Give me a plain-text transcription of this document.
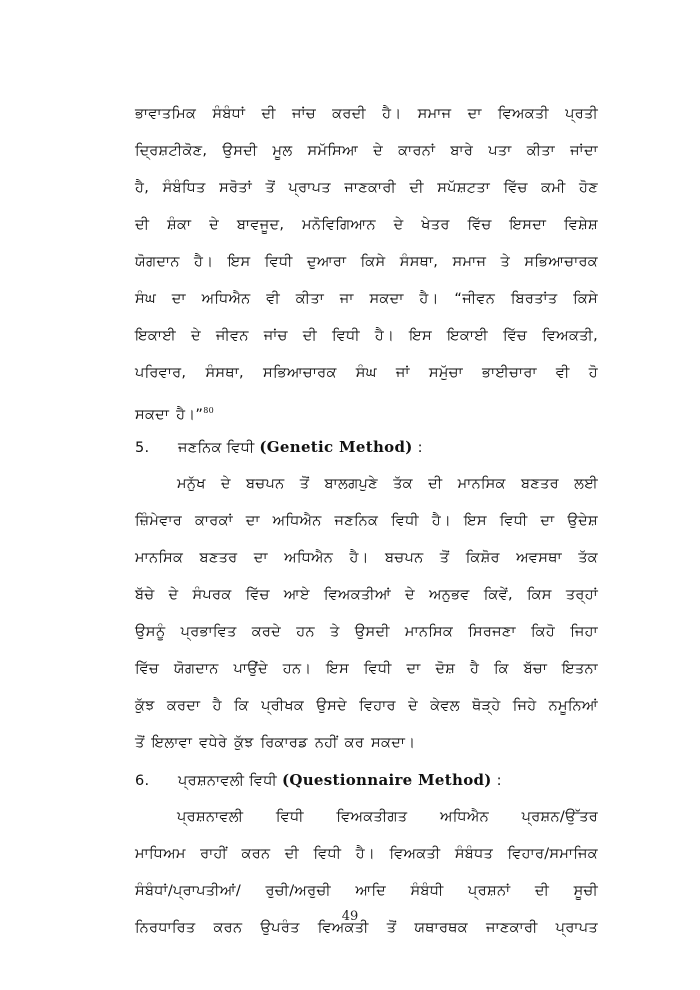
ਭਾਵਾਤਮਿਕ ਸੰਬੰਧਾਂ ਦੀ ਜਾਂਚ ਕਰਦੀ ਹੈ। ਸਮਾਜ ਦਾ ਵਿਅਕਤੀ ਪ੍ਰਤੀ
ਦ੍ਰਿਸ਼ਟੀਕੋਣ, ਉਸਦੀ ਮੂਲ ਸਮੱਸਿਆ ਦੇ ਕਾਰਨਾਂ ਬਾਰੇ ਪਤਾ ਕੀਤਾ ਜਾਂਦਾ
ਹੈ, ਸੰਬੰਧਿਤ ਸਰੋਤਾਂ ਤੋਂ ਪ੍ਰਾਪਤ ਜਾਣਕਾਰੀ ਦੀ ਸਪੱਸ਼ਟਤਾ ਵਿੱਚ ਕਮੀ ਹੋਣ
ਦੀ ਸ਼ੰਕਾ ਦੇ ਬਾਵਜੂਦ, ਮਨੋਵਿਗਿਆਨ ਦੇ ਖੇਤਰ ਵਿੱਚ ਇਸਦਾ ਵਿਸ਼ੇਸ਼
ਯੋਗਦਾਨ ਹੈ। ਇਸ ਵਿਧੀ ਦੁਆਰਾ ਕਿਸੇ ਸੰਸਥਾ, ਸਮਾਜ ਤੇ ਸਭਿਆਚਾਰਕ
ਸੰਘ ਦਾ ਅਧਿਐਨ ਵੀ ਕੀਤਾ ਜਾ ਸਕਦਾ ਹੈ। “ਜੀਵਨ ਬਿਰਤਾਂਤ ਕਿਸੇ
ਇਕਾਈ ਦੇ ਜੀਵਨ ਜਾਂਚ ਦੀ ਵਿਧੀ ਹੈ। ਇਸ ਇਕਾਈ ਵਿੱਚ ਵਿਅਕਤੀ,
ਪਰਿਵਾਰ, ਸੰਸਥਾ, ਸਭਿਆਚਾਰਕ ਸੰਘ ਜਾਂ ਸਮੁੱਚਾ ਭਾਈਚਾਰਾ ਵੀ ਹੋ
ਸਕਦਾ ਹੈ।”$^{80}$
5. ਜਣਨਿਕ ਵਿਧੀ (Genetic Method) :
ਮਨੁੱਖ ਦੇ ਬਚਪਨ ਤੋਂ ਬਾਲਗਪੁਣੇ ਤੱਕ ਦੀ ਮਾਨਸਿਕ ਬਣਤਰ ਲਈ
ਜ਼ਿੰਮੇਵਾਰ ਕਾਰਕਾਂ ਦਾ ਅਧਿਐਨ ਜਣਨਿਕ ਵਿਧੀ ਹੈ। ਇਸ ਵਿਧੀ ਦਾ ਉਦੇਸ਼
ਮਾਨਸਿਕ ਬਣਤਰ ਦਾ ਅਧਿਐਨ ਹੈ। ਬਚਪਨ ਤੋਂ ਕਿਸ਼ੋਰ ਅਵਸਥਾ ਤੱਕ
ਬੱਚੇ ਦੇ ਸੰਪਰਕ ਵਿੱਚ ਆਏ ਵਿਅਕਤੀਆਂ ਦੇ ਅਨੁਭਵ ਕਿਵੇਂ, ਕਿਸ ਤਰ੍ਹਾਂ
ਉਸਨੂੰ ਪ੍ਰਭਾਵਿਤ ਕਰਦੇ ਹਨ ਤੇ ਉਸਦੀ ਮਾਨਸਿਕ ਸਿਰਜਣਾ ਕਿਹੋ ਜਿਹਾ
ਵਿੱਚ ਯੋਗਦਾਨ ਪਾਉਂਦੇ ਹਨ। ਇਸ ਵਿਧੀ ਦਾ ਦੋਸ਼ ਹੈ ਕਿ ਬੱਚਾ ਇਤਨਾ
ਕੁੱਝ ਕਰਦਾ ਹੈ ਕਿ ਪ੍ਰੀਖਕ ਉਸਦੇ ਵਿਹਾਰ ਦੇ ਕੇਵਲ ਥੋੜ੍ਹੇ ਜਿਹੇ ਨਮੂਨਿਆਂ
ਤੋਂ ਇਲਾਵਾ ਵਧੇਰੇ ਕੁੱਝ ਰਿਕਾਰਡ ਨਹੀਂ ਕਰ ਸਕਦਾ।
6. ਪ੍ਰਸ਼ਨਾਵਲੀ ਵਿਧੀ (Questionnaire Method) :
ਪ੍ਰਸ਼ਨਾਵਲੀ ਵਿਧੀ ਵਿਅਕਤੀਗਤ ਅਧਿਐਨ ਪ੍ਰਸ਼ਨ/ਉੱਤਰ
ਮਾਧਿਅਮ ਰਾਹੀਂ ਕਰਨ ਦੀ ਵਿਧੀ ਹੈ। ਵਿਅਕਤੀ ਸੰਬੰਧਤ ਵਿਹਾਰ/ਸਮਾਜਿਕ
ਸੰਬੰਧਾਂ/ਪ੍ਰਾਪਤੀਆਂ/ ਰੁਚੀ/ਅਰੁਚੀ ਆਦਿ ਸੰਬੰਧੀ ਪ੍ਰਸ਼ਨਾਂ ਦੀ ਸੂਚੀ
ਨਿਰਧਾਰਿਤ ਕਰਨ ਉਪਰੰਤ ਵਿਅਕਤੀ ਤੋਂ ਯਥਾਰਥਕ ਜਾਣਕਾਰੀ ਪ੍ਰਾਪਤ
49
